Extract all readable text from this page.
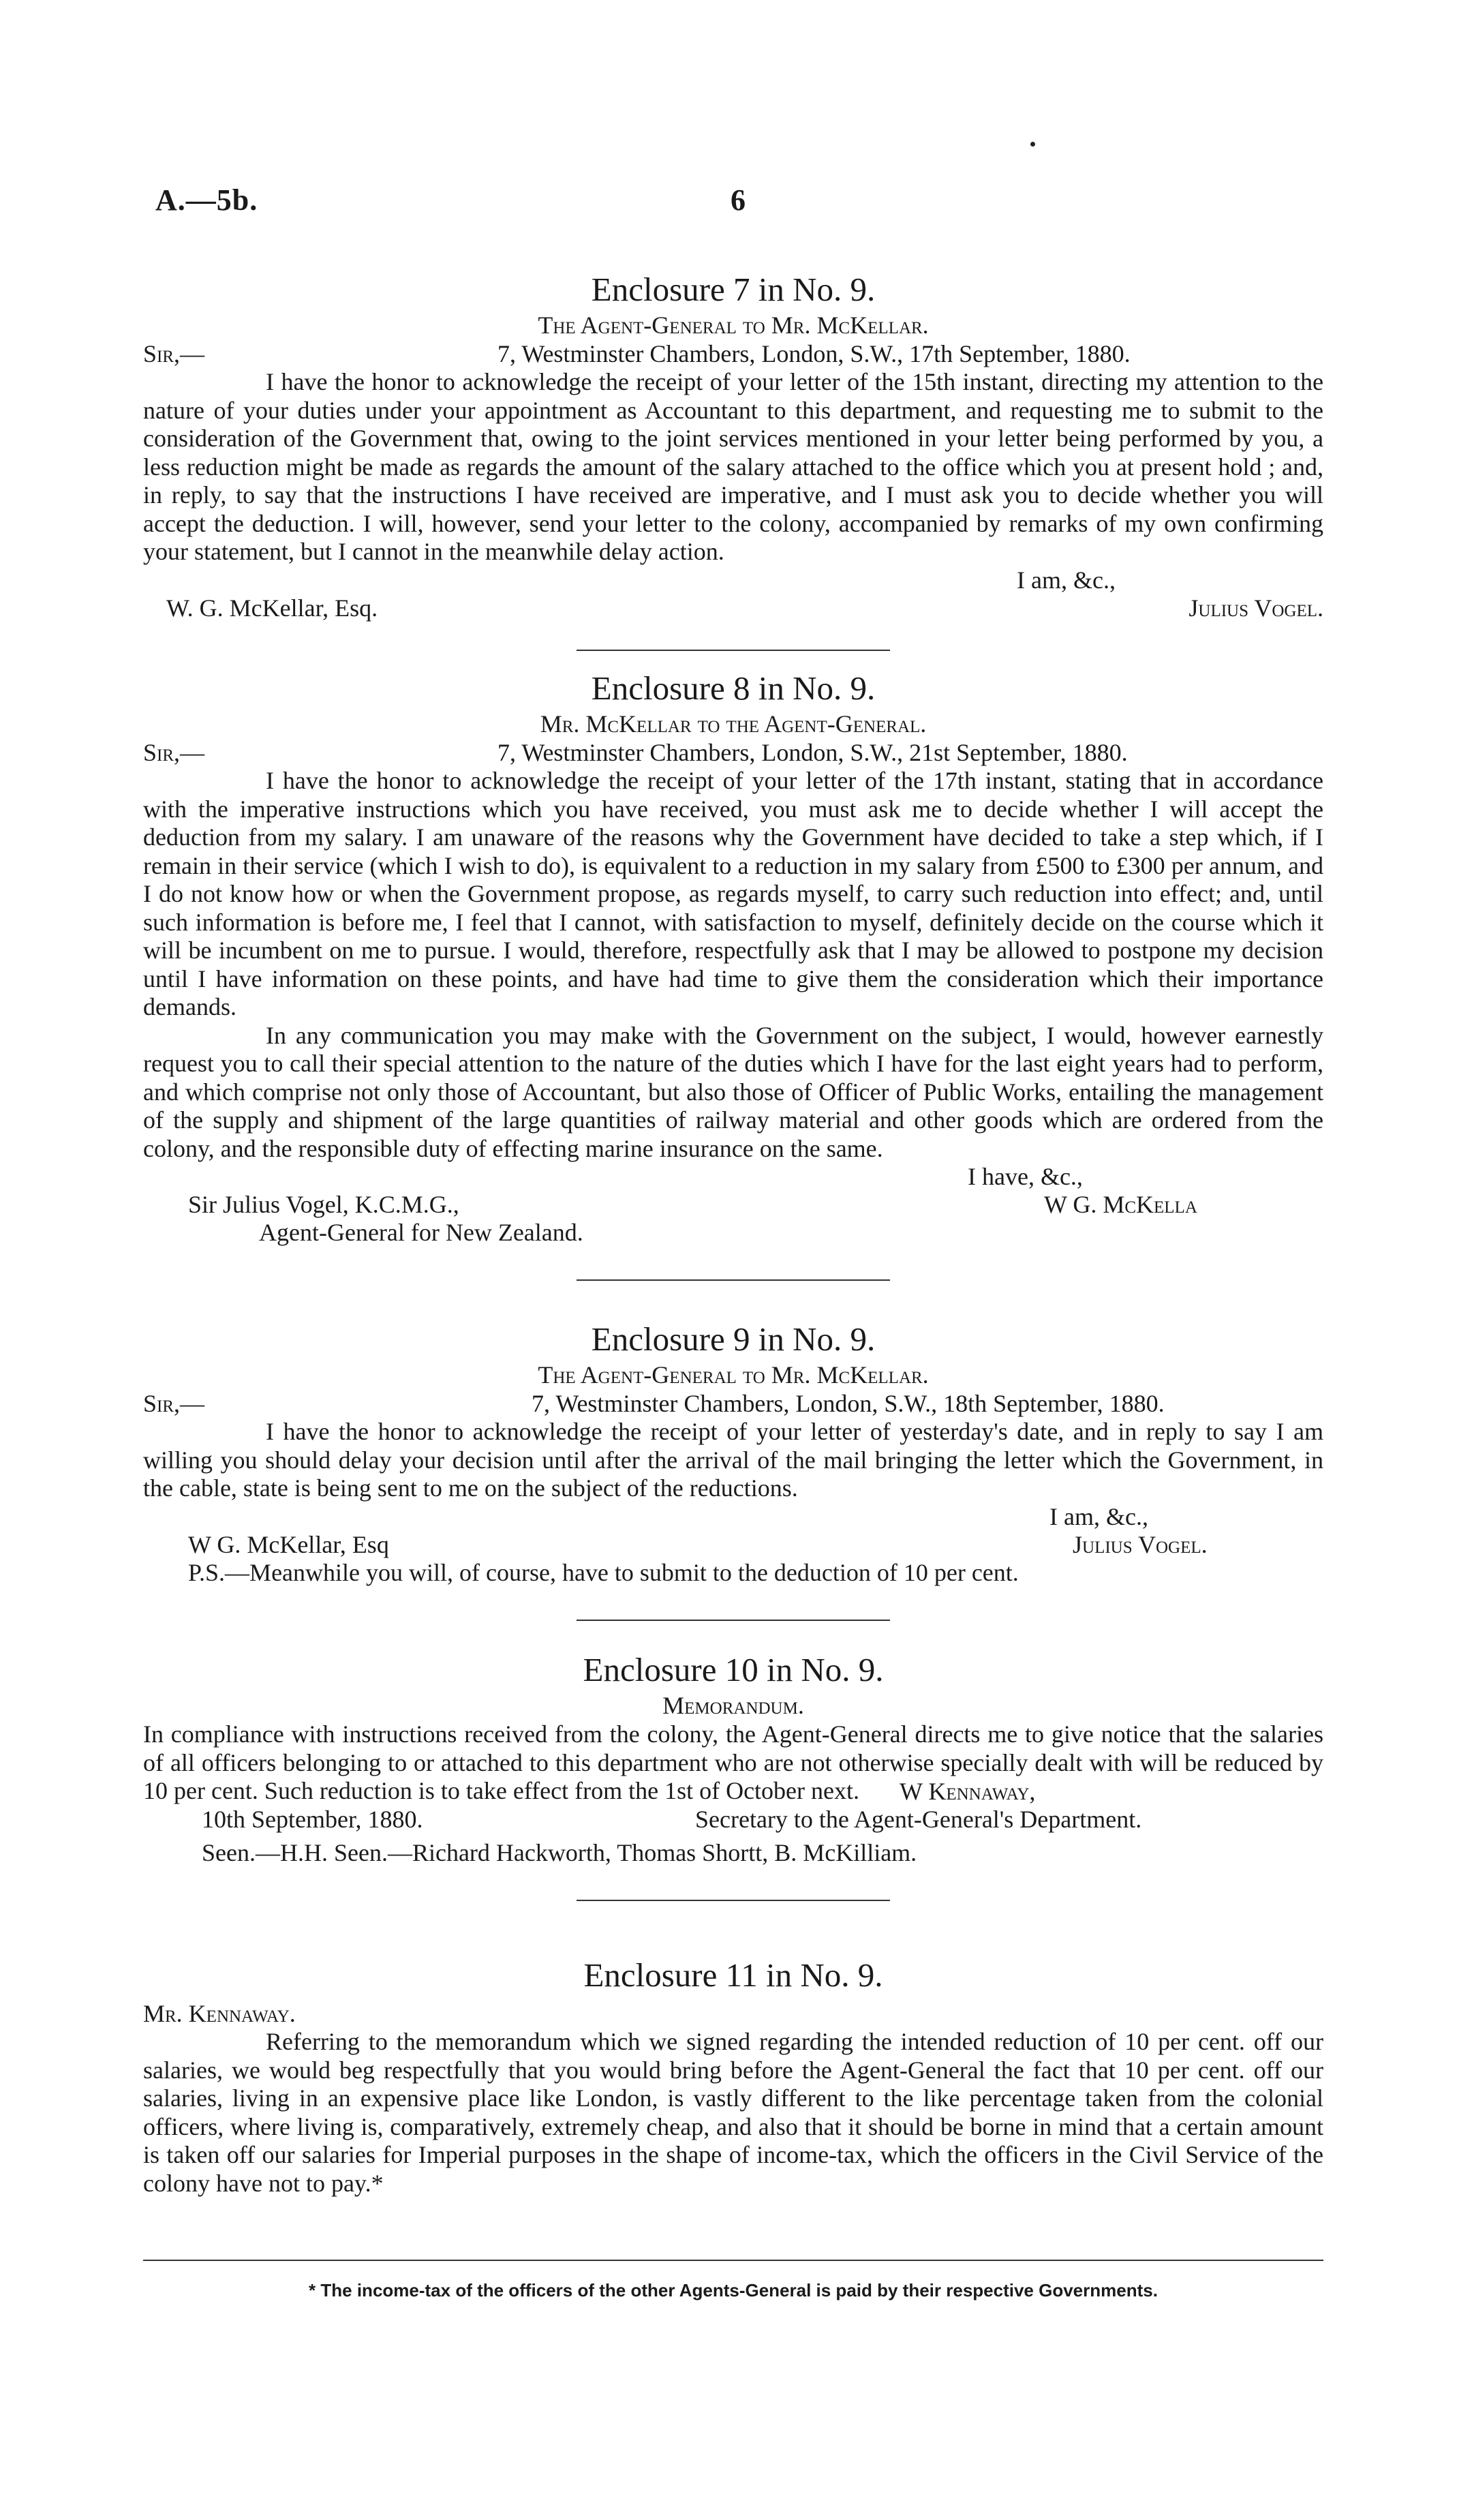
A.—5b.	6
Enclosure 7 in No. 9.
The Agent-General to Mr. McKellar.
Sir,—	7, Westminster Chambers, London, S.W., 17th September, 1880.

I have the honor to acknowledge the receipt of your letter of the 15th instant, directing my attention to the nature of your duties under your appointment as Accountant to this department, and requesting me to submit to the consideration of the Government that, owing to the joint services mentioned in your letter being performed by you, a less reduction might be made as regards the amount of the salary attached to the office which you at present hold ; and, in reply, to say that the instructions I have received are imperative, and I must ask you to decide whether you will accept the deduction. I will, however, send your letter to the colony, accompanied by remarks of my own confirming your statement, but I cannot in the meanwhile delay action.

I am, &c.,
W. G. McKellar, Esq.	Julius Vogel.
Enclosure 8 in No. 9.
Mr. McKellar to the Agent-General.
Sir,—	7, Westminster Chambers, London, S.W., 21st September, 1880.

I have the honor to acknowledge the receipt of your letter of the 17th instant, stating that in accordance with the imperative instructions which you have received, you must ask me to decide whether I will accept the deduction from my salary. I am unaware of the reasons why the Government have decided to take a step which, if I remain in their service (which I wish to do), is equivalent to a reduction in my salary from £500 to £300 per annum, and I do not know how or when the Government propose, as regards myself, to carry such reduction into effect; and, until such information is before me, I feel that I cannot, with satisfaction to myself, definitely decide on the course which it will be incumbent on me to pursue. I would, therefore, respectfully ask that I may be allowed to postpone my decision until I have information on these points, and have had time to give them the consideration which their importance demands.

In any communication you may make with the Government on the subject, I would, however earnestly request you to call their special attention to the nature of the duties which I have for the last eight years had to perform, and which comprise not only those of Accountant, but also those of Officer of Public Works, entailing the management of the supply and shipment of the large quantities of railway material and other goods which are ordered from the colony, and the responsible duty of effecting marine insurance on the same.

I have, &c.,
Sir Julius Vogel, K.C.M.G.,	W G. McKella
Agent-General for New Zealand.
Enclosure 9 in No. 9.
The Agent-General to Mr. McKellar.
Sir,—	7, Westminster Chambers, London, S.W., 18th September, 1880.

I have the honor to acknowledge the receipt of your letter of yesterday's date, and in reply to say I am willing you should delay your decision until after the arrival of the mail bringing the letter which the Government, in the cable, state is being sent to me on the subject of the reductions.

I am, &c.,
W G. McKellar, Esq	Julius Vogel.
P.S.—Meanwhile you will, of course, have to submit to the deduction of 10 per cent.
Enclosure 10 in No. 9.
Memorandum.

In compliance with instructions received from the colony, the Agent-General directs me to give notice that the salaries of all officers belonging to or attached to this department who are not otherwise specially dealt with will be reduced by 10 per cent. Such reduction is to take effect from the 1st of October next.	W Kennaway,
10th September, 1880.	Secretary to the Agent-General's Department.
Seen.—H.H. Seen.—Richard Hackworth, Thomas Shortt, B. McKilliam.
Enclosure 11 in No. 9.
Mr. Kennaway.

Referring to the memorandum which we signed regarding the intended reduction of 10 per cent. off our salaries, we would beg respectfully that you would bring before the Agent-General the fact that 10 per cent. off our salaries, living in an expensive place like London, is vastly different to the like percentage taken from the colonial officers, where living is, comparatively, extremely cheap, and also that it should be borne in mind that a certain amount is taken off our salaries for Imperial purposes in the shape of income-tax, which the officers in the Civil Service of the colony have not to pay.*

* The income-tax of the officers of the other Agents-General is paid by their respective Governments.
